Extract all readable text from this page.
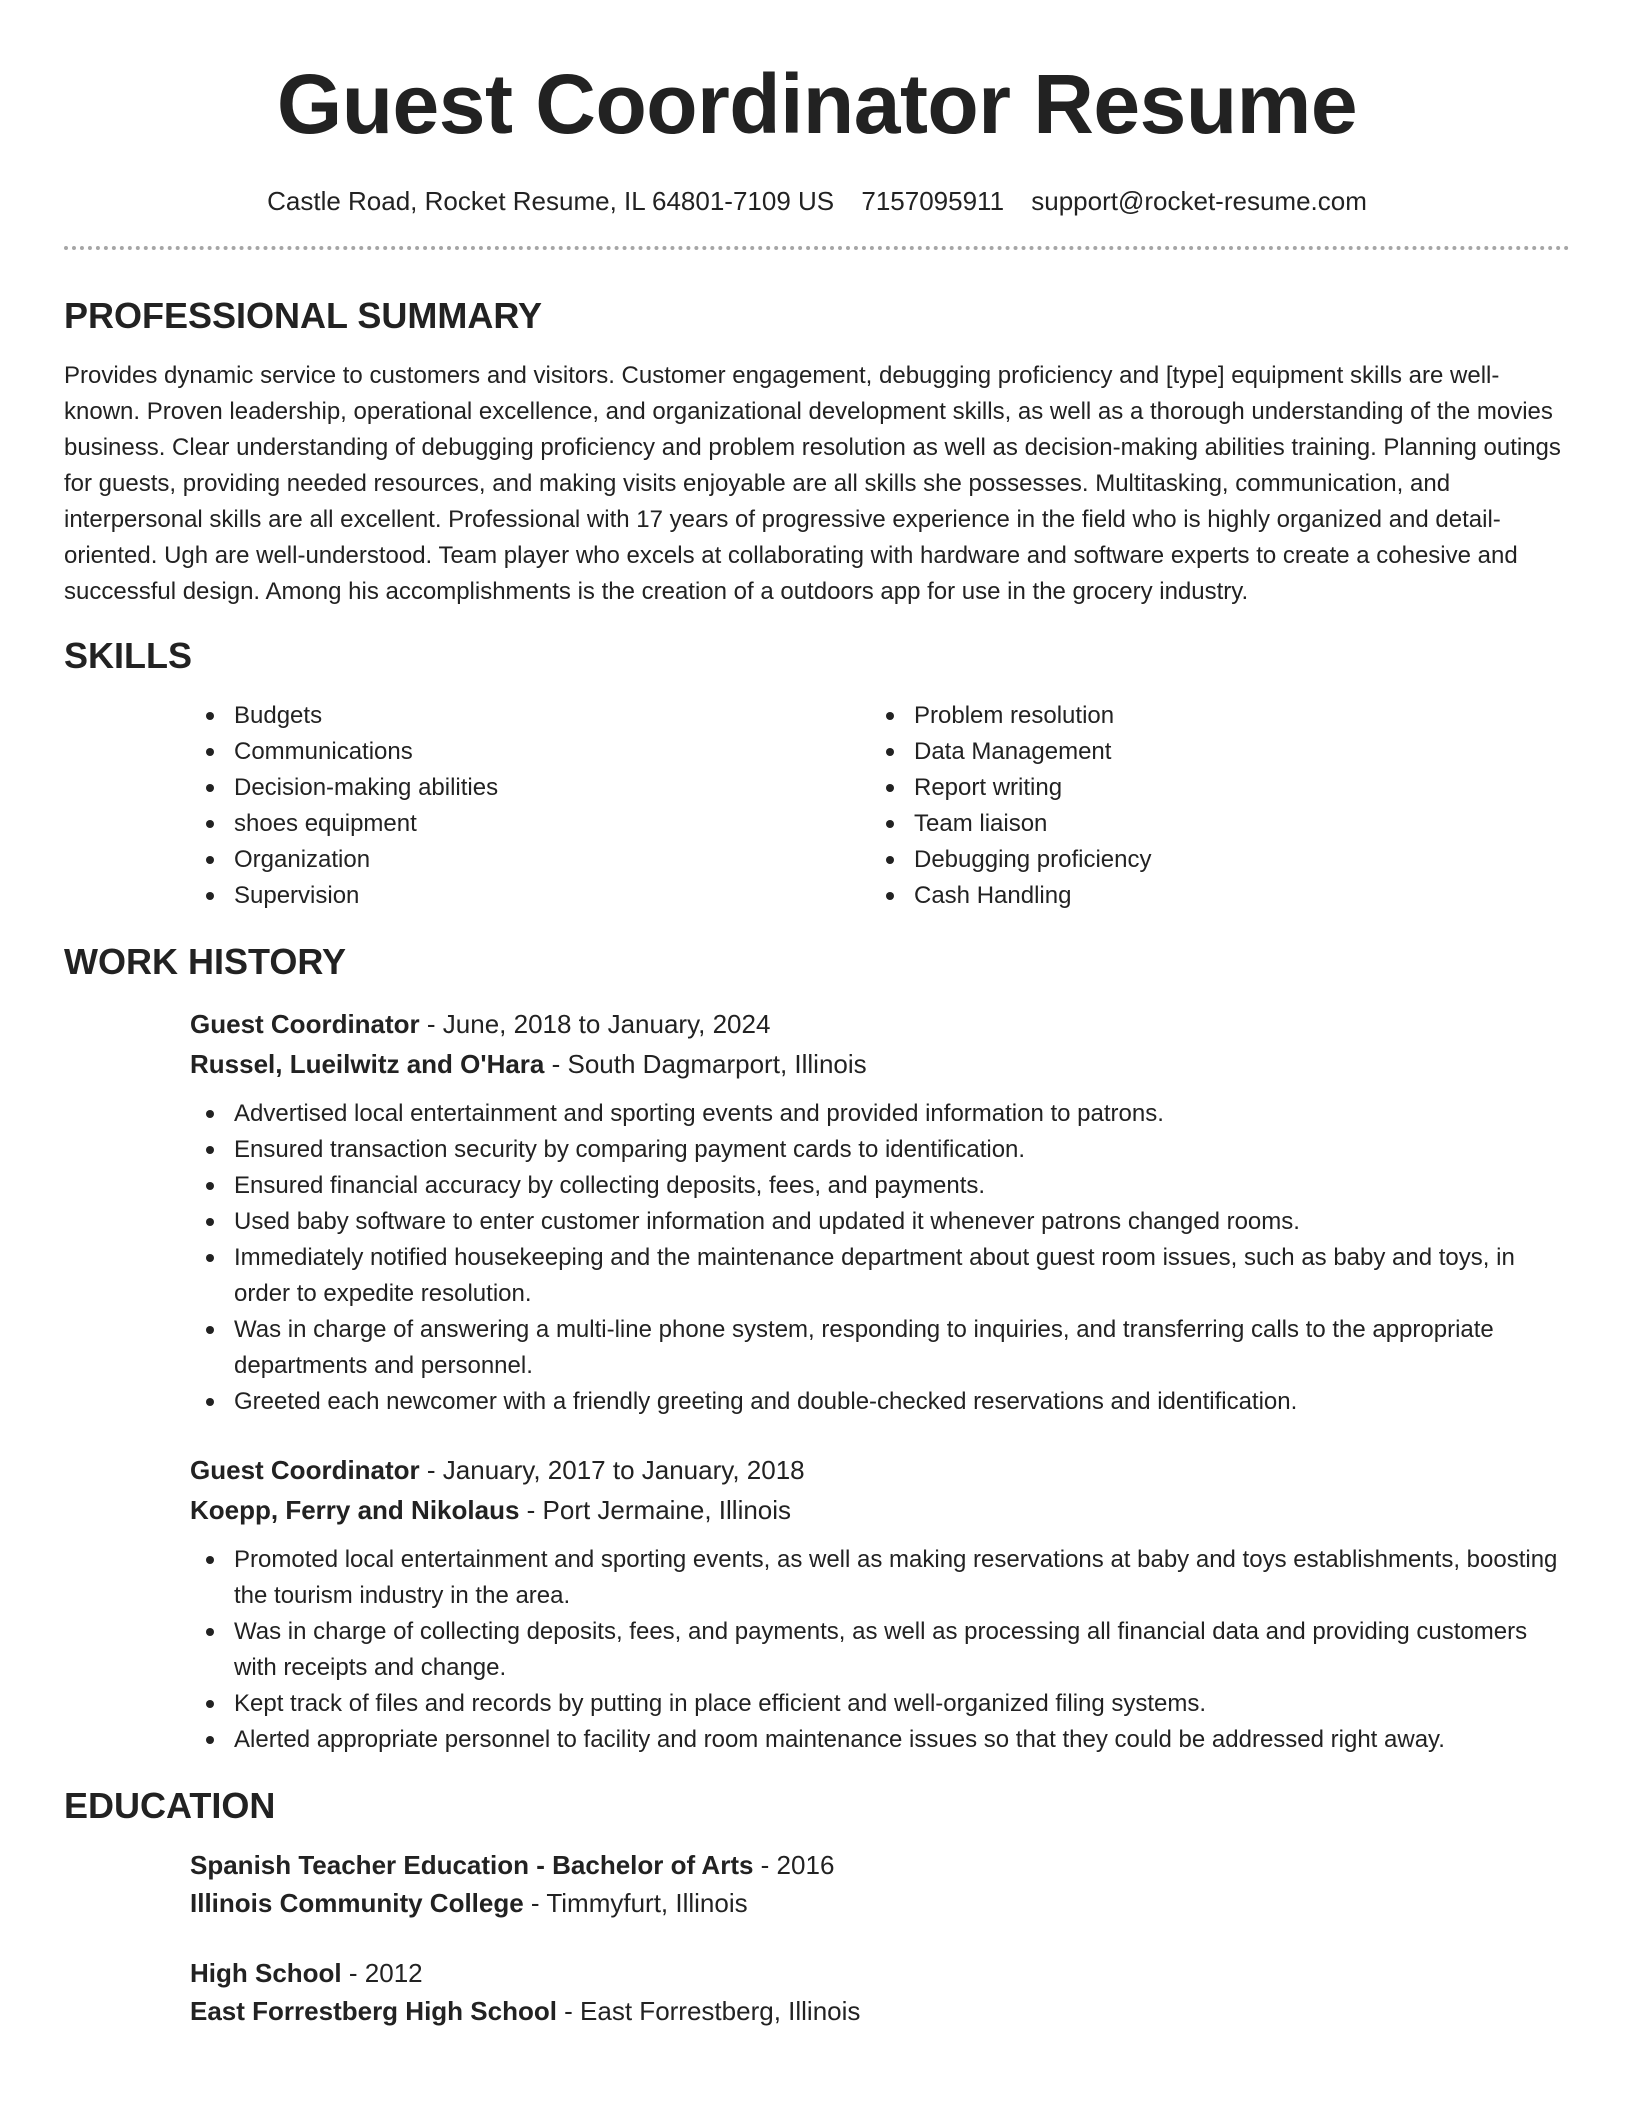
Guest Coordinator Resume
Castle Road, Rocket Resume, IL 64801-7109 US 7157095911 support@rocket-resume.com
PROFESSIONAL SUMMARY

Provides dynamic service to customers and visitors. Customer engagement, debugging proficiency and [type] equipment skills are well-known. Proven leadership, operational excellence, and organizational development skills, as well as a thorough understanding of the movies business. Clear understanding of debugging proficiency and problem resolution as well as decision-making abilities training. Planning outings for guests, providing needed resources, and making visits enjoyable are all skills she possesses. Multitasking, communication, and interpersonal skills are all excellent. Professional with 17 years of progressive experience in the field who is highly organized and detail-oriented. Ugh are well-understood. Team player who excels at collaborating with hardware and software experts to create a cohesive and successful design. Among his accomplishments is the creation of a outdoors app for use in the grocery industry.

SKILLS
Budgets
Communications
Decision-making abilities
shoes equipment
Organization
Supervision
Problem resolution
Data Management
Report writing
Team liaison
Debugging proficiency
Cash Handling
WORK HISTORY
Guest Coordinator - June, 2018 to January, 2024
Russel, Lueilwitz and O'Hara - South Dagmarport, Illinois
Advertised local entertainment and sporting events and provided information to patrons.
Ensured transaction security by comparing payment cards to identification.
Ensured financial accuracy by collecting deposits, fees, and payments.
Used baby software to enter customer information and updated it whenever patrons changed rooms.
Immediately notified housekeeping and the maintenance department about guest room issues, such as baby and toys, in order to expedite resolution.
Was in charge of answering a multi-line phone system, responding to inquiries, and transferring calls to the appropriate departments and personnel.
Greeted each newcomer with a friendly greeting and double-checked reservations and identification.
Guest Coordinator - January, 2017 to January, 2018
Koepp, Ferry and Nikolaus - Port Jermaine, Illinois
Promoted local entertainment and sporting events, as well as making reservations at baby and toys establishments, boosting the tourism industry in the area.
Was in charge of collecting deposits, fees, and payments, as well as processing all financial data and providing customers with receipts and change.
Kept track of files and records by putting in place efficient and well-organized filing systems.
Alerted appropriate personnel to facility and room maintenance issues so that they could be addressed right away.
EDUCATION
Spanish Teacher Education - Bachelor of Arts - 2016
Illinois Community College - Timmyfurt, Illinois
High School - 2012
East Forrestberg High School - East Forrestberg, Illinois
